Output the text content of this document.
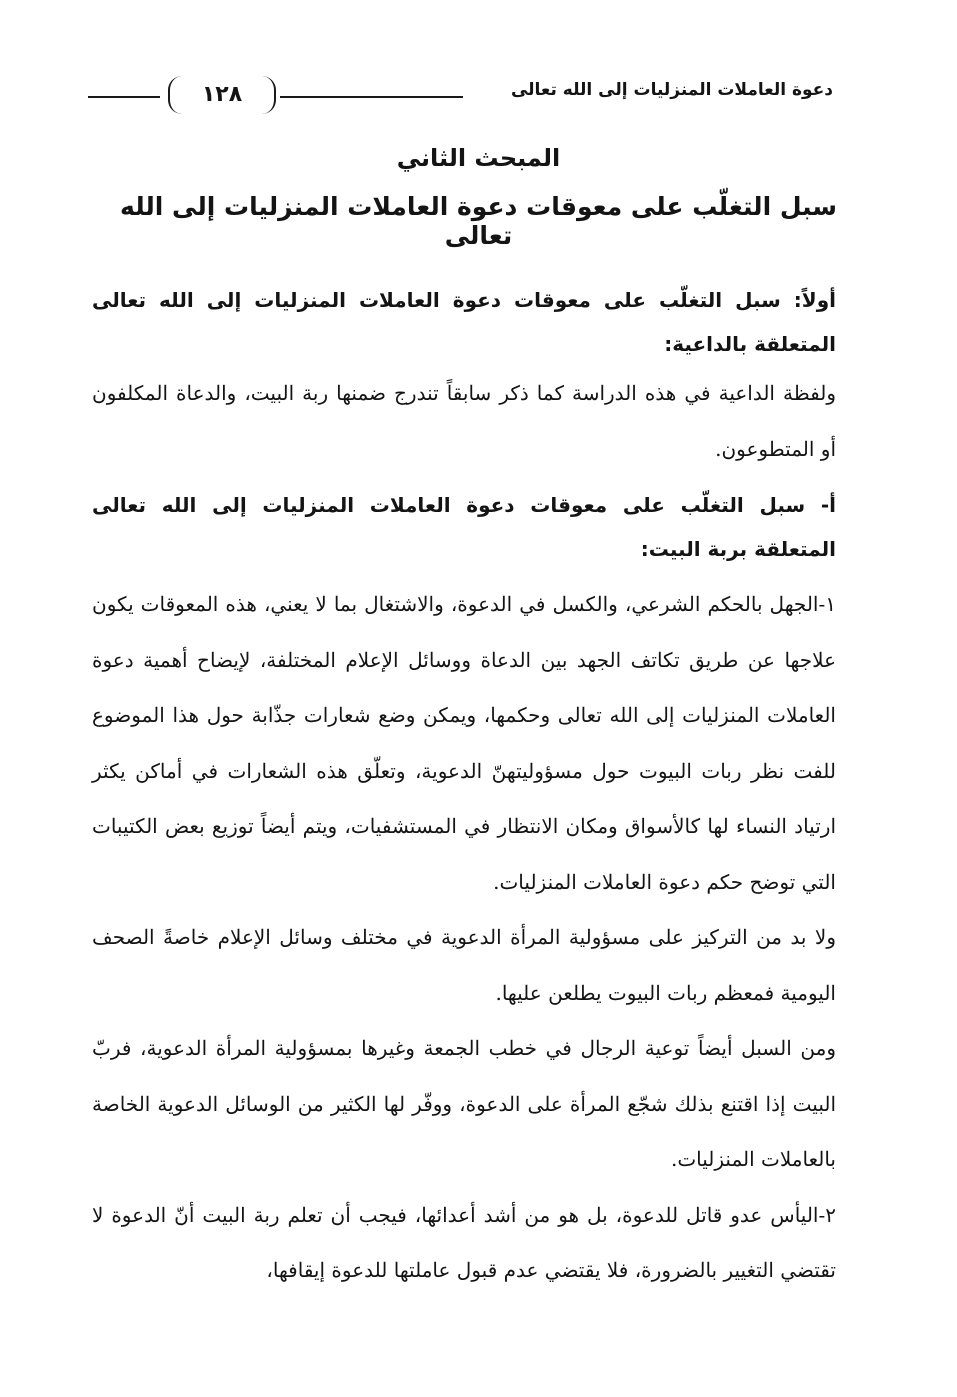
١٢٨	دعوة العاملات المنزليات إلى الله تعالى
المبحث الثاني
سبل التغلّب على معوقات دعوة العاملات المنزليات إلى الله تعالى

أولاً: سبل التغلّب على معوقات دعوة العاملات المنزليات إلى الله تعالى المتعلقة بالداعية:

ولفظة الداعية في هذه الدراسة كما ذكر سابقاً تندرج ضمنها ربة البيت، والدعاة المكلفون أو المتطوعون.

أ- سبل التغلّب على معوقات دعوة العاملات المنزليات إلى الله تعالى المتعلقة بربة البيت:

١-الجهل بالحكم الشرعي، والكسل في الدعوة، والاشتغال بما لا يعني، هذه المعوقات يكون علاجها عن طريق تكاتف الجهد بين الدعاة ووسائل الإعلام المختلفة، لإيضاح أهمية دعوة العاملات المنزليات إلى الله تعالى وحكمها، ويمكن وضع شعارات جذّابة حول هذا الموضوع للفت نظر ربات البيوت حول مسؤوليتهنّ الدعوية، وتعلّق هذه الشعارات في أماكن يكثر ارتياد النساء لها كالأسواق ومكان الانتظار في المستشفيات، ويتم أيضاً توزيع بعض الكتيبات التي توضح حكم دعوة العاملات المنزليات.

ولا بد من التركيز على مسؤولية المرأة الدعوية في مختلف وسائل الإعلام خاصةً الصحف اليومية فمعظم ربات البيوت يطلعن عليها.

ومن السبل أيضاً توعية الرجال في خطب الجمعة وغيرها بمسؤولية المرأة الدعوية، فربّ البيت إذا اقتنع بذلك شجّع المرأة على الدعوة، ووفّر لها الكثير من الوسائل الدعوية الخاصة بالعاملات المنزليات.

٢-اليأس عدو قاتل للدعوة، بل هو من أشد أعدائها، فيجب أن تعلم ربة البيت أنّ الدعوة لا تقتضي التغيير بالضرورة، فلا يقتضي عدم قبول عاملتها للدعوة إيقافها،
